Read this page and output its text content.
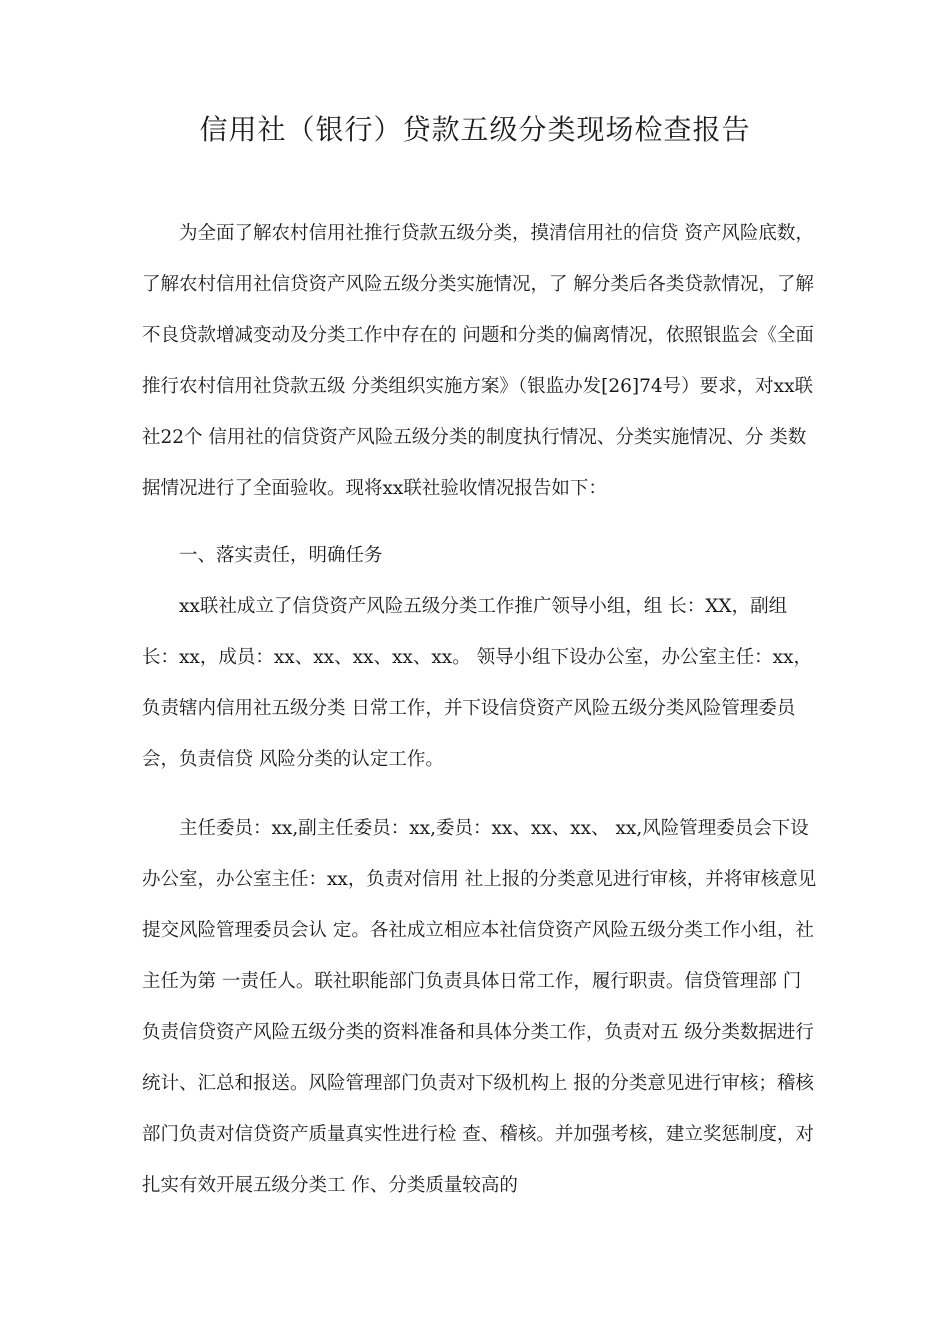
信用社（银行）贷款五级分类现场检查报告

为全面了解农村信用社推行贷款五级分类，摸清信用社的信贷 资产风险底数，了解农村信用社信贷资产风险五级分类实施情况，了 解分类后各类贷款情况，了解不良贷款增减变动及分类工作中存在的 问题和分类的偏离情况，依照银监会《全面推行农村信用社贷款五级 分类组织实施方案》（银监办发[26]74号）要求，对xx联社22个 信用社的信贷资产风险五级分类的制度执行情况、分类实施情况、分 类数据情况进行了全面验收。现将xx联社验收情况报告如下：

一、落实责任，明确任务

xx联社成立了信贷资产风险五级分类工作推广领导小组，组 长：XX，副组长：xx，成员：xx、xx、xx、xx、xx。 领导小组下设办公室，办公室主任：xx，负责辖内信用社五级分类 日常工作，并下设信贷资产风险五级分类风险管理委员会，负责信贷 风险分类的认定工作。

主任委员：xx,副主任委员：xx,委员：xx、xx、xx、 xx,风险管理委员会下设办公室，办公室主任：xx，负责对信用 社上报的分类意见进行审核，并将审核意见提交风险管理委员会认 定。各社成立相应本社信贷资产风险五级分类工作小组，社主任为第 一责任人。联社职能部门负责具体日常工作，履行职责。信贷管理部 门负责信贷资产风险五级分类的资料准备和具体分类工作，负责对五 级分类数据进行统计、汇总和报送。风险管理部门负责对下级机构上 报的分类意见进行审核；稽核部门负责对信贷资产质量真实性进行检 查、稽核。并加强考核，建立奖惩制度，对扎实有效开展五级分类工 作、分类质量较高的
